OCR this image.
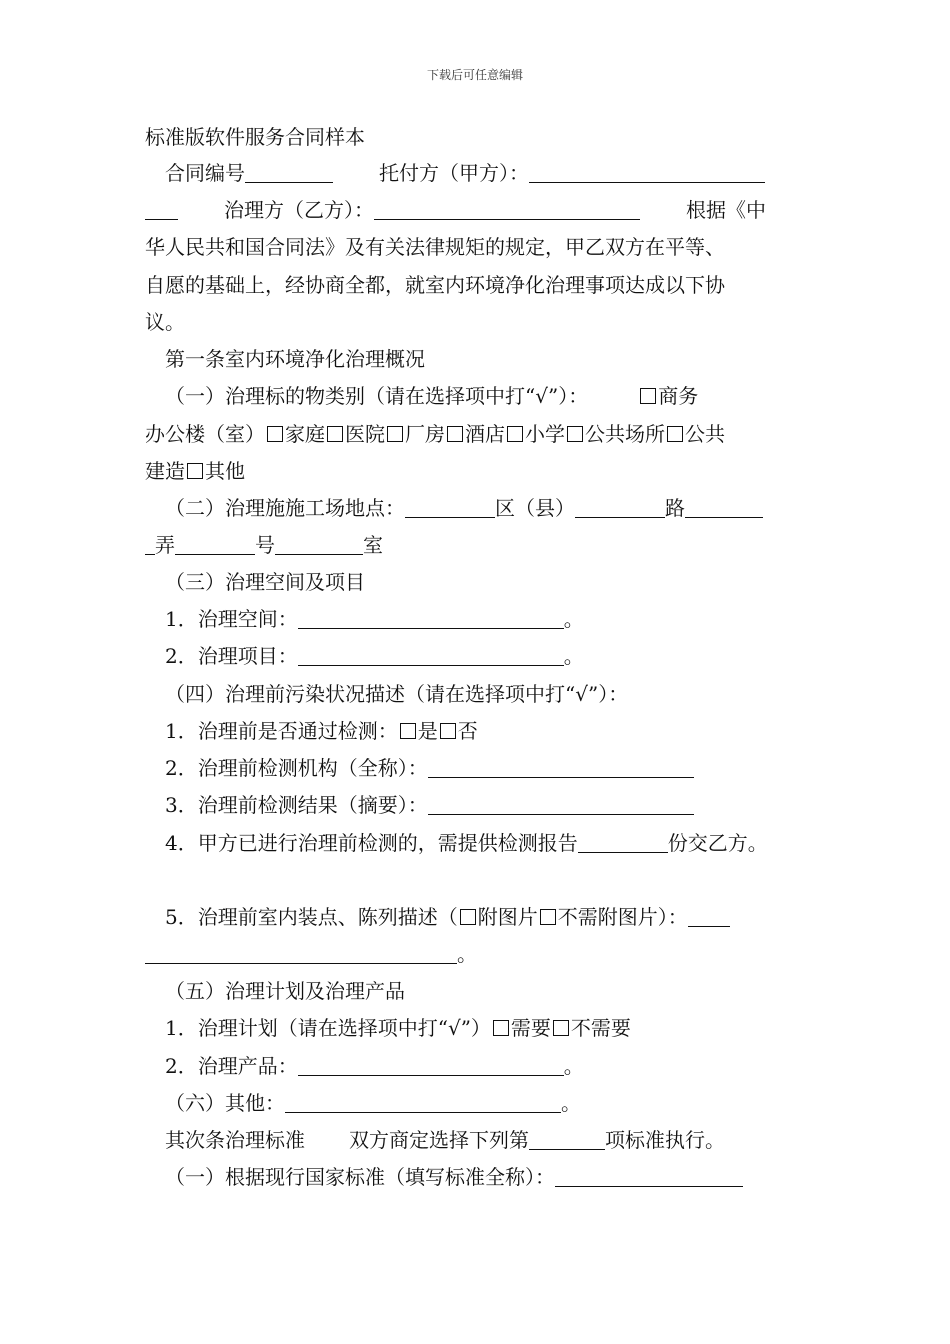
下载后可任意编辑
标准版软件服务合同样本
合同编号	托付方（甲方）：
治理方（乙方）：	根据《中
华人民共和国合同法》及有关法律规矩的规定，甲乙双方在平等、
自愿的基础上，经协商全都，就室内环境净化治理事项达成以下协
议。
第一条室内环境净化治理概况
（一）治理标的物类别（请在选择项中打“√”）：	商务
办公楼（室） 家庭 医院 厂房 酒店 小学 公共场所 公共
建造 其他
（二）治理施施工场地点：	区（县）	路
弄	号	室
（三）治理空间及项目
1．治理空间：	。
2．治理项目：	。
（四）治理前污染状况描述（请在选择项中打“√”）：
1．治理前是否通过检测： 是 否
2．治理前检测机构（全称）：
3．治理前检测结果（摘要）：
4．甲方已进行治理前检测的，需提供检测报告	份交乙方。
5．治理前室内装点、陈列描述（ 附图片 不需附图片）：
。
（五）治理计划及治理产品
1．治理计划（请在选择项中打“√”） 需要 不需要
2．治理产品：	。
（六）其他：	。
其次条治理标准 双方商定选择下列第	项标准执行。
（一）根据现行国家标准（填写标准全称）：
